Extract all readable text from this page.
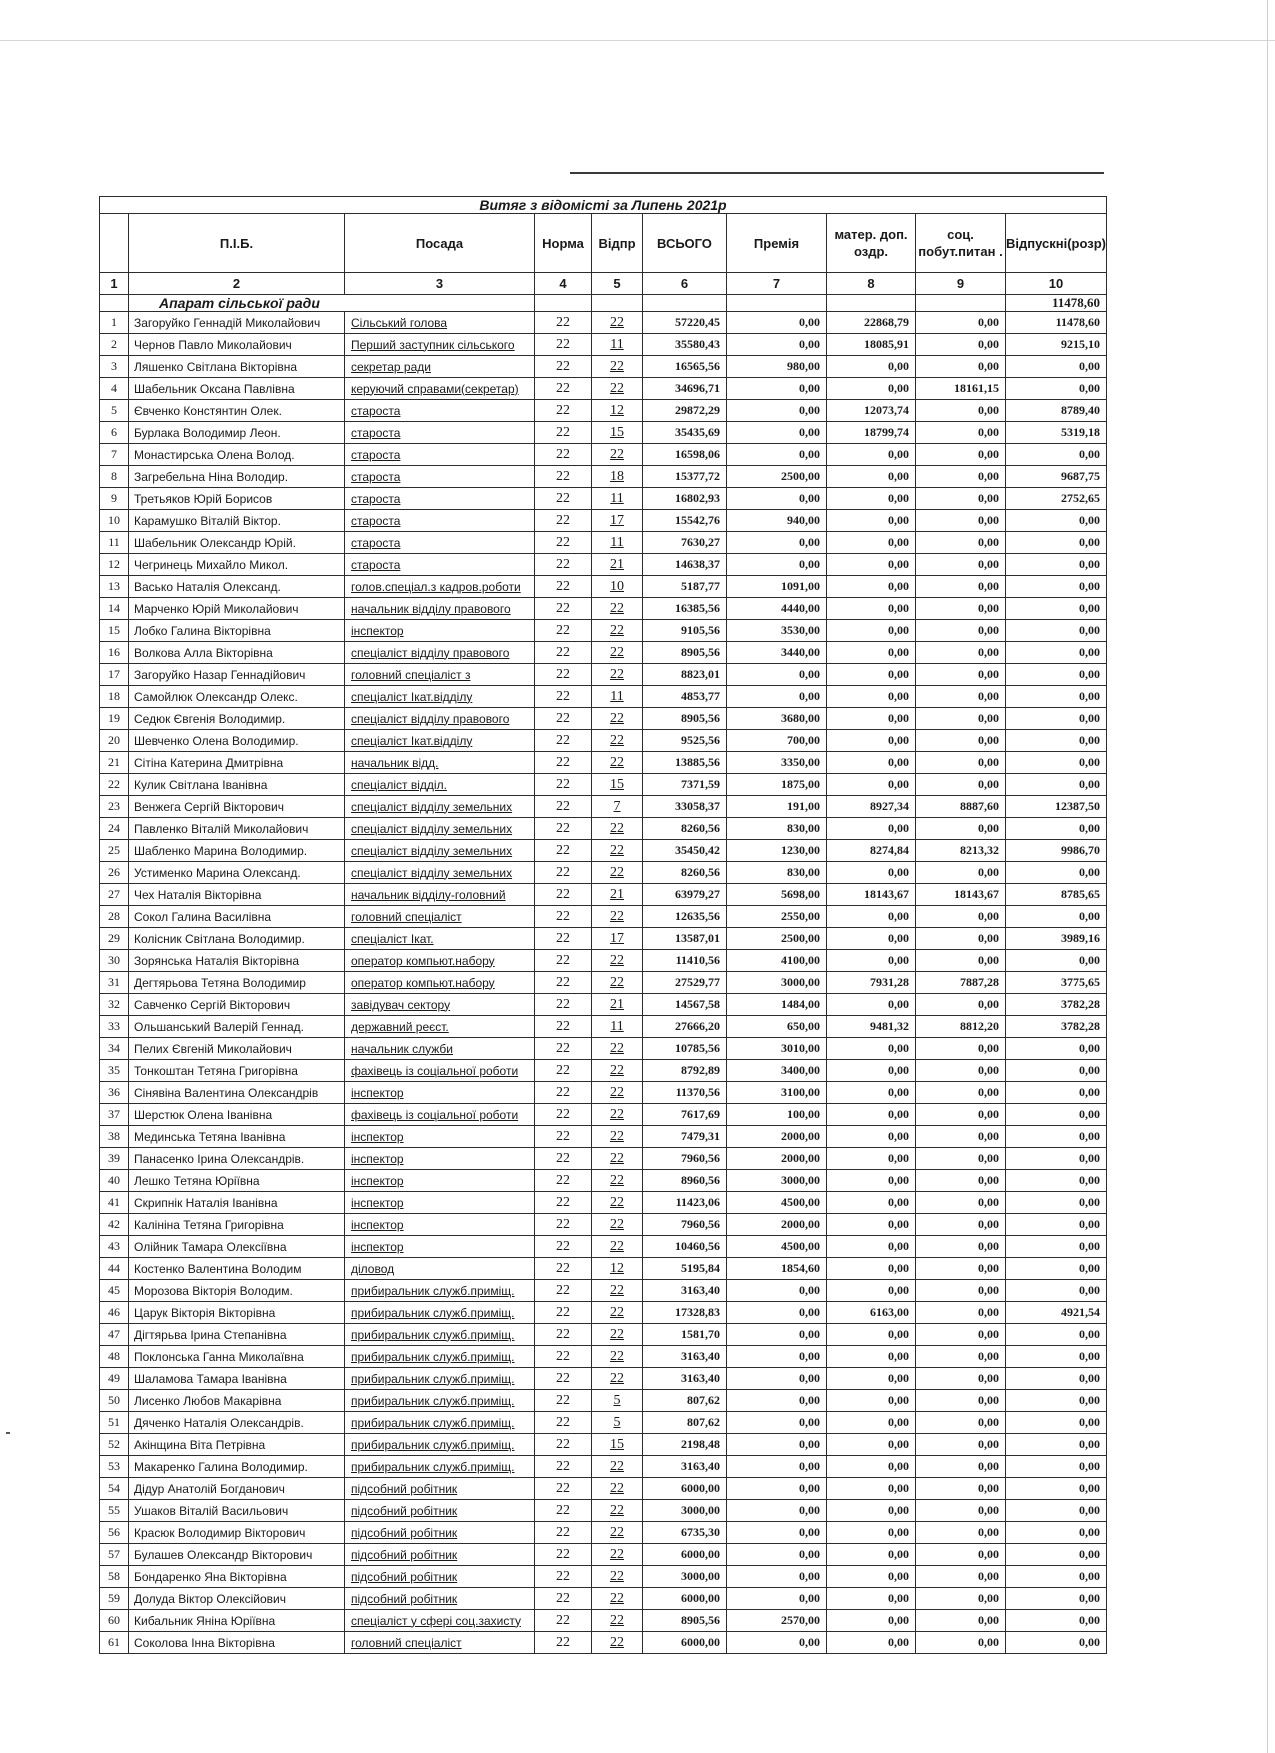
Витяг з відомісті за Липень 2021р									
	П.І.Б.	Посада	Норма	Відпр	ВСЬОГО	Премія	матер. доп. оздр.	соц. побут.питан .	Відпускні(розр)
1	2	3	4	5	6	7	8	9	10
	Апарат сільської ради								11478,60
1	Загоруйко Геннадій Миколайович	Сільський голова	22	22	57220,45	0,00	22868,79	0,00	11478,60
2	Чернов Павло Миколайович	Перший заступник сільського	22	11	35580,43	0,00	18085,91	0,00	9215,10
3	Ляшенко Світлана Вікторівна	секретар ради	22	22	16565,56	980,00	0,00	0,00	0,00
4	Шабельник Оксана Павлівна	керуючий справами(секретар)	22	22	34696,71	0,00	0,00	18161,15	0,00
5	Євченко Констянтин Олек.	староста	22	12	29872,29	0,00	12073,74	0,00	8789,40
6	Бурлака Володимир Леон.	староста	22	15	35435,69	0,00	18799,74	0,00	5319,18
7	Монастирська Олена Волод.	староста	22	22	16598,06	0,00	0,00	0,00	0,00
8	Загребельна Ніна Володир.	староста	22	18	15377,72	2500,00	0,00	0,00	9687,75
9	Третьяков Юрій Борисов	староста	22	11	16802,93	0,00	0,00	0,00	2752,65
10	Карамушко Віталій Віктор.	староста	22	17	15542,76	940,00	0,00	0,00	0,00
11	Шабельник Олександр Юрій.	староста	22	11	7630,27	0,00	0,00	0,00	0,00
12	Чегринець Михайло Микол.	староста	22	21	14638,37	0,00	0,00	0,00	0,00
13	Васько Наталія Олександ.	голов.спеціал.з кадров.роботи	22	10	5187,77	1091,00	0,00	0,00	0,00
14	Марченко Юрій Миколайович	начальник відділу правового	22	22	16385,56	4440,00	0,00	0,00	0,00
15	Лобко Галина Вікторівна	інспектор	22	22	9105,56	3530,00	0,00	0,00	0,00
16	Волкова Алла Вікторівна	спеціаліст відділу правового	22	22	8905,56	3440,00	0,00	0,00	0,00
17	Загоруйко Назар Геннадійович	головний спеціаліст з	22	22	8823,01	0,00	0,00	0,00	0,00
18	Самойлюк Олександр Олекс.	спеціаліст Ікат.відділу	22	11	4853,77	0,00	0,00	0,00	0,00
19	Седюк Євгенія Володимир.	спеціаліст відділу правового	22	22	8905,56	3680,00	0,00	0,00	0,00
20	Шевченко Олена Володимир.	спеціаліст Ікат.відділу	22	22	9525,56	700,00	0,00	0,00	0,00
21	Сітіна Катерина Дмитрівна	начальник відд.	22	22	13885,56	3350,00	0,00	0,00	0,00
22	Кулик Світлана Іванівна	спеціаліст відділ.	22	15	7371,59	1875,00	0,00	0,00	0,00
23	Венжега Сергій Вікторович	спеціаліст відділу земельних	22	7	33058,37	191,00	8927,34	8887,60	12387,50
24	Павленко Віталій Миколайович	спеціаліст відділу земельних	22	22	8260,56	830,00	0,00	0,00	0,00
25	Шабленко Марина Володимир.	спеціаліст відділу земельних	22	22	35450,42	1230,00	8274,84	8213,32	9986,70
26	Устименко Марина Олександ.	спеціаліст відділу земельних	22	22	8260,56	830,00	0,00	0,00	0,00
27	Чех Наталія Вікторівна	начальник відділу-головний	22	21	63979,27	5698,00	18143,67	18143,67	8785,65
28	Сокол Галина Василівна	головний спеціаліст	22	22	12635,56	2550,00	0,00	0,00	0,00
29	Колісник Світлана Володимир.	спеціаліст Ікат.	22	17	13587,01	2500,00	0,00	0,00	3989,16
30	Зорянська Наталія Вікторівна	оператор компьют.набору	22	22	11410,56	4100,00	0,00	0,00	0,00
31	Дегтярьова Тетяна Володимир	оператор компьют.набору	22	22	27529,77	3000,00	7931,28	7887,28	3775,65
32	Савченко Сергій Вікторович	завідувач сектору	22	21	14567,58	1484,00	0,00	0,00	3782,28
33	Ольшанський Валерій Геннад.	державний реєст.	22	11	27666,20	650,00	9481,32	8812,20	3782,28
34	Пелих Євгеній Миколайович	начальник служби	22	22	10785,56	3010,00	0,00	0,00	0,00
35	Тонкоштан Тетяна Григорівна	фахівець із соціальної роботи	22	22	8792,89	3400,00	0,00	0,00	0,00
36	Сінявіна Валентина Олександрів	інспектор	22	22	11370,56	3100,00	0,00	0,00	0,00
37	Шерстюк Олена Іванівна	фахівець із соціальної роботи	22	22	7617,69	100,00	0,00	0,00	0,00
38	Мединська Тетяна Іванівна	інспектор	22	22	7479,31	2000,00	0,00	0,00	0,00
39	Панасенко Ірина Олександрів.	інспектор	22	22	7960,56	2000,00	0,00	0,00	0,00
40	Лешко Тетяна Юріївна	інспектор	22	22	8960,56	3000,00	0,00	0,00	0,00
41	Скрипнік Наталія Іванівна	інспектор	22	22	11423,06	4500,00	0,00	0,00	0,00
42	Калініна Тетяна Григорівна	інспектор	22	22	7960,56	2000,00	0,00	0,00	0,00
43	Олійник Тамара Олексіївна	інспектор	22	22	10460,56	4500,00	0,00	0,00	0,00
44	Костенко Валентина Володим	діловод	22	12	5195,84	1854,60	0,00	0,00	0,00
45	Морозова Вікторія Володим.	прибиральник служб.приміщ.	22	22	3163,40	0,00	0,00	0,00	0,00
46	Царук Вікторія Вікторівна	прибиральник служб.приміщ.	22	22	17328,83	0,00	6163,00	0,00	4921,54
47	Дігтярьва Ірина Степанівна	прибиральник служб.приміщ.	22	22	1581,70	0,00	0,00	0,00	0,00
48	Поклонська Ганна Миколаївна	прибиральник служб.приміщ.	22	22	3163,40	0,00	0,00	0,00	0,00
49	Шаламова Тамара Іванівна	прибиральник служб.приміщ.	22	22	3163,40	0,00	0,00	0,00	0,00
50	Лисенко Любов Макарівна	прибиральник служб.приміщ.	22	5	807,62	0,00	0,00	0,00	0,00
51	Дяченко Наталія Олександрів.	прибиральник служб.приміщ.	22	5	807,62	0,00	0,00	0,00	0,00
52	Акінщина Віта Петрівна	прибиральник служб.приміщ.	22	15	2198,48	0,00	0,00	0,00	0,00
53	Макаренко Галина Володимир.	прибиральник служб.приміщ.	22	22	3163,40	0,00	0,00	0,00	0,00
54	Дідур Анатолій Богданович	підсобний робітник	22	22	6000,00	0,00	0,00	0,00	0,00
55	Ушаков Віталій Васильович	підсобний робітник	22	22	3000,00	0,00	0,00	0,00	0,00
56	Красюк Володимир Вікторович	підсобний робітник	22	22	6735,30	0,00	0,00	0,00	0,00
57	Булашев Олександр Вікторович	підсобний робітник	22	22	6000,00	0,00	0,00	0,00	0,00
58	Бондаренко Яна Вікторівна	підсобний робітник	22	22	3000,00	0,00	0,00	0,00	0,00
59	Долуда Віктор Олексійович	підсобний робітник	22	22	6000,00	0,00	0,00	0,00	0,00
60	Кибальник Яніна Юріївна	спеціаліст у сфері соц.захисту	22	22	8905,56	2570,00	0,00	0,00	0,00
61	Соколова Інна Вікторівна	головний спеціаліст	22	22	6000,00	0,00	0,00	0,00	0,00
